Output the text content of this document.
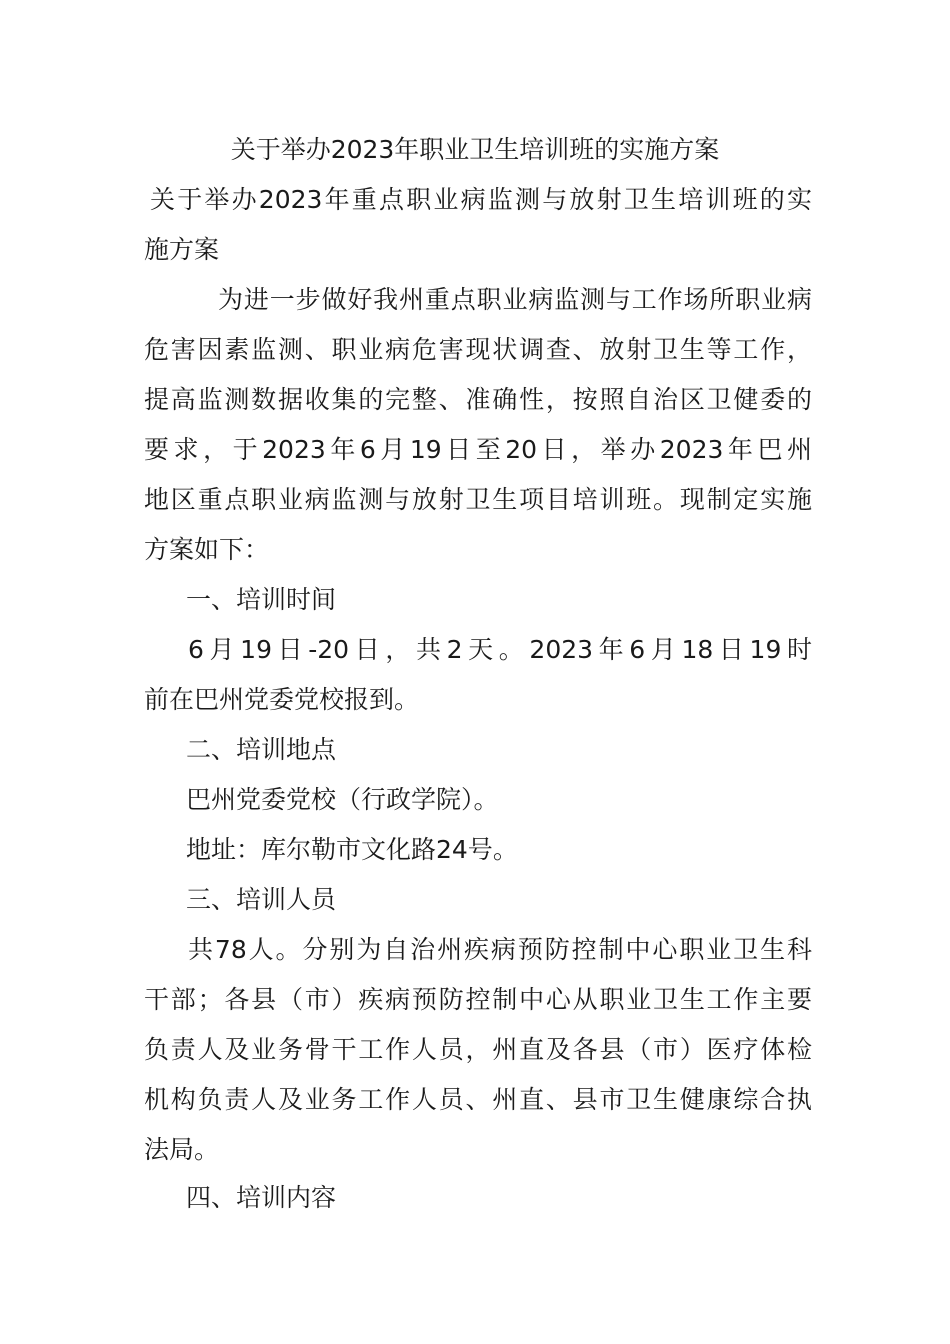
关于举办2023年职业卫生培训班的实施方案
关于举办2023年重点职业病监测与放射卫生培训班的实
施方案
为进一步做好我州重点职业病监测与工作场所职业病
危害因素监测、职业病危害现状调查、放射卫生等工作，
提高监测数据收集的完整、准确性，按照自治区卫健委的
要求，于2023年6月19日至20日，举办2023年巴州
地区重点职业病监测与放射卫生项目培训班。现制定实施
方案如下：
一、培训时间
6月19日-20日，共2天。2023年6月18日19时
前在巴州党委党校报到。
二、培训地点
巴州党委党校（行政学院）。
地址：库尔勒市文化路24号。
三、培训人员
共78人。分别为自治州疾病预防控制中心职业卫生科
干部；各县（市）疾病预防控制中心从职业卫生工作主要
负责人及业务骨干工作人员，州直及各县（市）医疗体检
机构负责人及业务工作人员、州直、县市卫生健康综合执
法局。
四、培训内容
